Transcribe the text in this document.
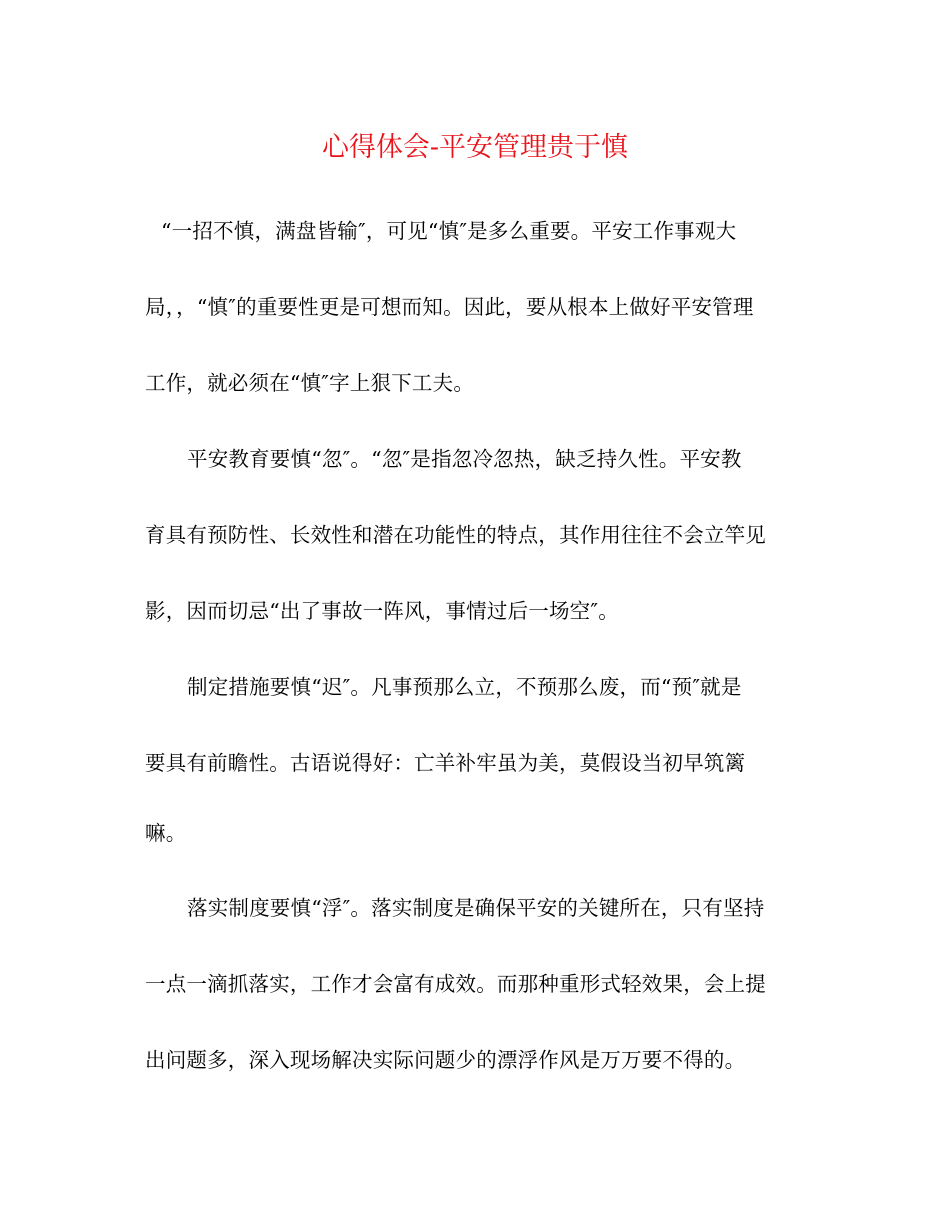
心得体会-平安管理贵于慎
“一招不慎，满盘皆输″，可见“慎″是多么重要。平安工作事观大
局，，“慎″的重要性更是可想而知。因此，要从根本上做好平安管理
工作，就必须在“慎″字上狠下工夫。
平安教育要慎“忽″。“忽″是指忽冷忽热，缺乏持久性。平安教
育具有预防性、长效性和潜在功能性的特点，其作用往往不会立竿见
影，因而切忌“出了事故一阵风，事情过后一场空″。
制定措施要慎“迟″。凡事预那么立，不预那么废，而“预″就是
要具有前瞻性。古语说得好：亡羊补牢虽为美，莫假设当初早筑篱
嘛。
落实制度要慎“浮″。落实制度是确保平安的关键所在，只有坚持
一点一滴抓落实，工作才会富有成效。而那种重形式轻效果，会上提
出问题多，深入现场解决实际问题少的漂浮作风是万万要不得的。
